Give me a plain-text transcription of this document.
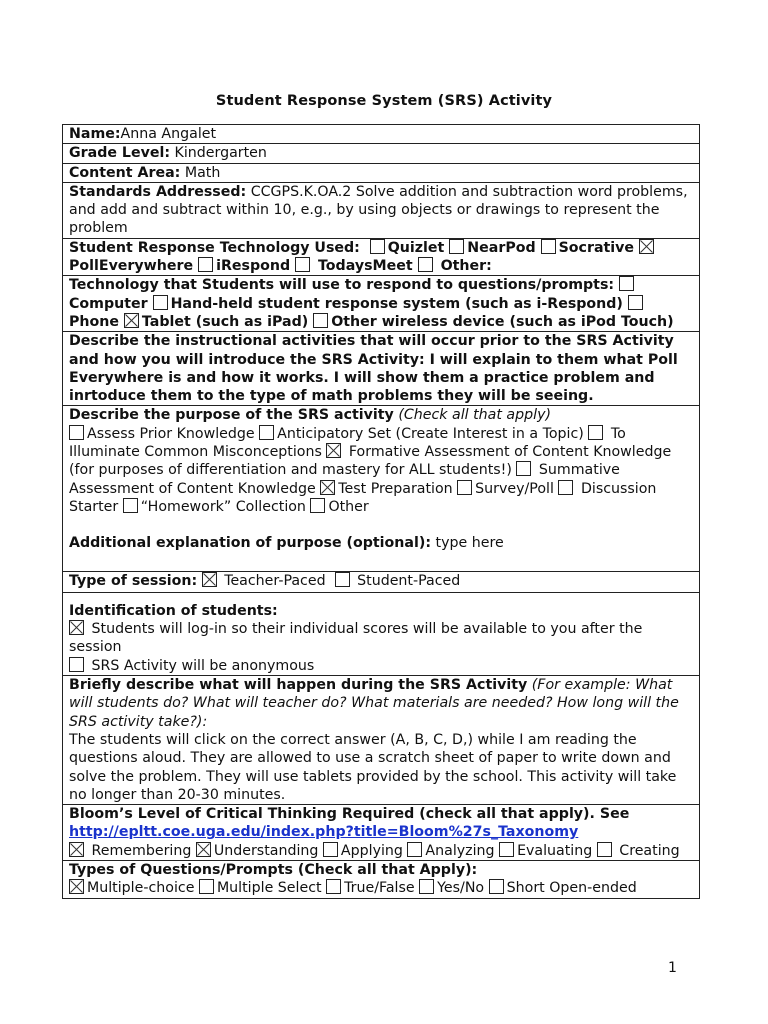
Student Response System (SRS) Activity
Name:Anna Angalet
Grade Level: Kindergarten
Content Area: Math
Standards Addressed: CCGPS.K.OA.2 Solve addition and subtraction word problems, and add and subtract within 10, e.g., by using objects or drawings to represent the problem
Student Response Technology Used: Quizlet NearPod Socrative  PollEverywhere iRespond TodaysMeet Other:
Technology that Students will use to respond to questions/prompts:  Computer Hand-held student response system (such as i-Respond)  Phone Tablet (such as iPad) Other wireless device (such as iPod Touch)
Describe the instructional activities that will occur prior to the SRS Activity and how you will introduce the SRS Activity: I will explain to them what Poll Everywhere is and how it works. I will show them a practice problem and inrtoduce them to the type of math problems they will be seeing.
Describe the purpose of the SRS activity (Check all that apply)
Assess Prior Knowledge Anticipatory Set (Create Interest in a Topic) To Illuminate Common Misconceptions Formative Assessment of Content Knowledge (for purposes of differentiation and mastery for ALL students!) Summative Assessment of Content Knowledge Test Preparation Survey/Poll Discussion Starter “Homework” Collection Other
Additional explanation of purpose (optional): type here
Type of session: Teacher-Paced Student-Paced
Identification of students:
Students will log-in so their individual scores will be available to you after the session
SRS Activity will be anonymous
Briefly describe what will happen during the SRS Activity (For example: What will students do? What will teacher do? What materials are needed? How long will the SRS activity take?):
The students will click on the correct answer (A, B, C, D,) while I am reading the questions aloud. They are allowed to use a scratch sheet of paper to write down and solve the problem. They will use tablets provided by the school. This activity will take no longer than 20-30 minutes.
Bloom’s Level of Critical Thinking Required (check all that apply). See
http://epltt.coe.uga.edu/index.php?title=Bloom%27s_Taxonomy
Remembering Understanding Applying Analyzing Evaluating Creating
Types of Questions/Prompts (Check all that Apply):
Multiple-choice Multiple Select True/False Yes/No Short Open-ended
1
